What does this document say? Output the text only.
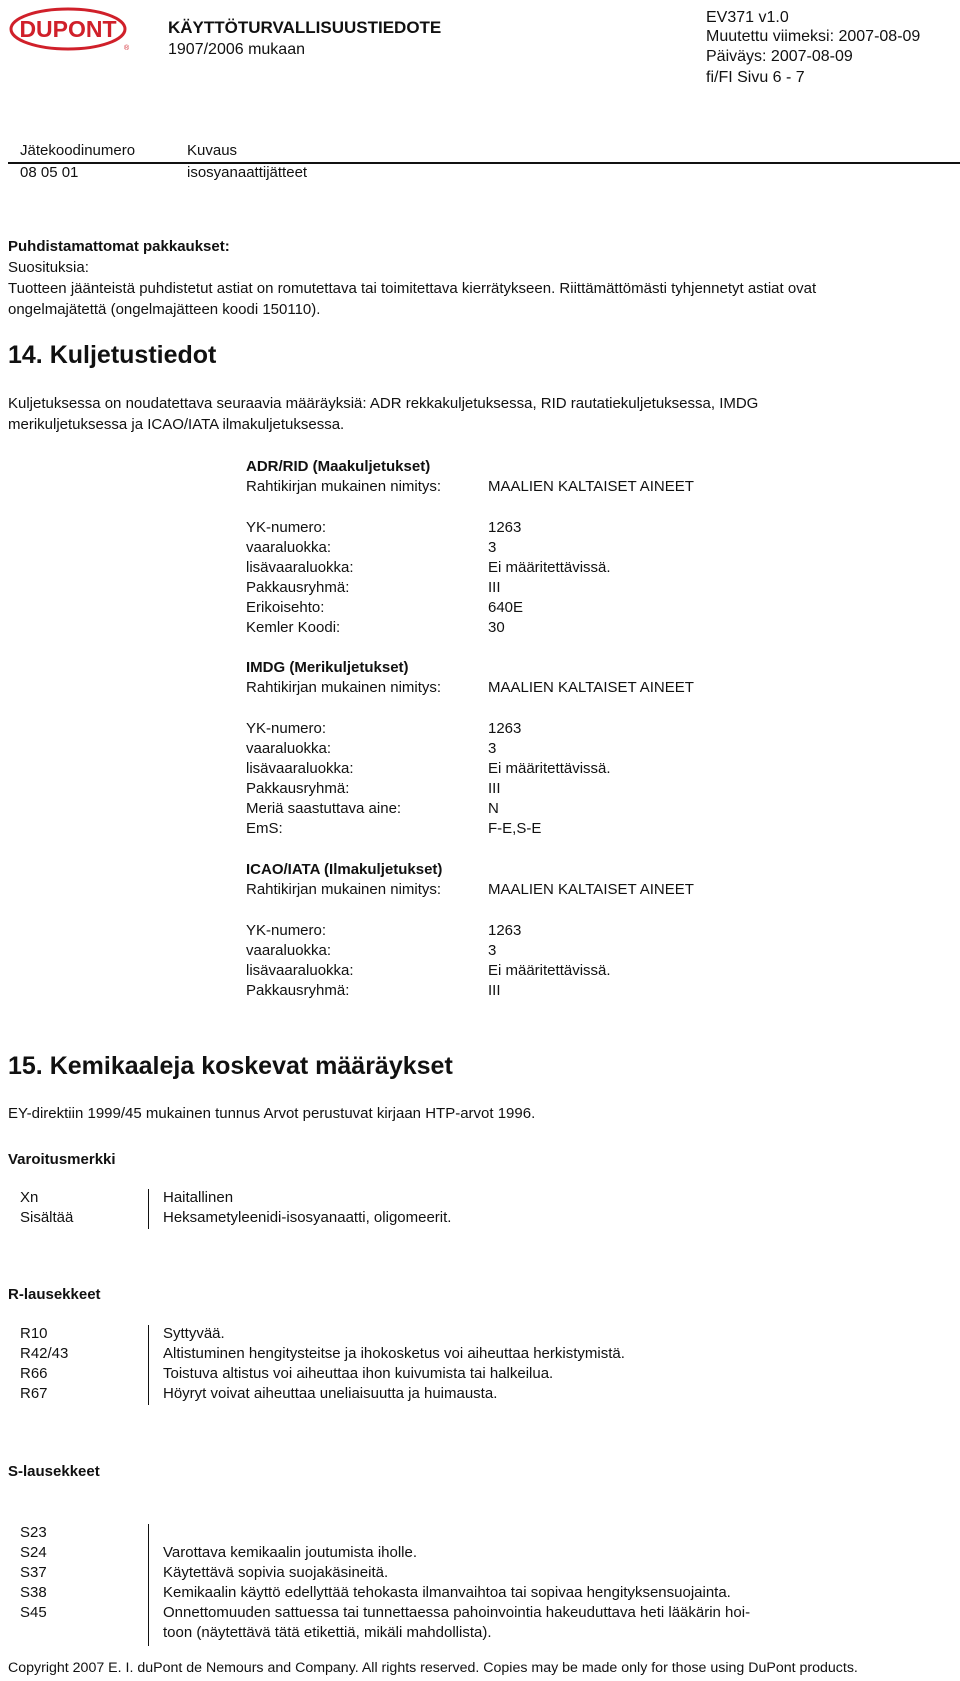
DUPONT
®
KÄYTTÖTURVALLISUUSTIEDOTE
1907/2006 mukaan
EV371 v1.0
Muutettu viimeksi: 2007-08-09
Päiväys: 2007-08-09
fi/FI Sivu 6 - 7
Jätekoodinumero	Kuvaus
08 05 01	isosyanaattijätteet
Puhdistamattomat pakkaukset:
Suosituksia:
Tuotteen jäänteistä puhdistetut astiat on romutettava tai toimitettava kierrätykseen. Riittämättömästi tyhjennetyt astiat ovat
ongelmajätettä (ongelmajätteen koodi 150110).
14. Kuljetustiedot
Kuljetuksessa on noudatettava seuraavia määräyksiä: ADR rekkakuljetuksessa, RID rautatiekuljetuksessa, IMDG
merikuljetuksessa ja ICAO/IATA ilmakuljetuksessa.
ADR/RID (Maakuljetukset)
Rahtikirjan mukainen nimitys:	MAALIEN KALTAISET AINEET
YK-numero:	1263
vaaraluokka:	3
lisävaaraluokka:	Ei määritettävissä.
Pakkausryhmä:	III
Erikoisehto:	640E
Kemler Koodi:	30
IMDG (Merikuljetukset)
Rahtikirjan mukainen nimitys:	MAALIEN KALTAISET AINEET
YK-numero:	1263
vaaraluokka:	3
lisävaaraluokka:	Ei määritettävissä.
Pakkausryhmä:	III
Meriä saastuttava aine:	N
EmS:	F-E,S-E
ICAO/IATA (Ilmakuljetukset)
Rahtikirjan mukainen nimitys:	MAALIEN KALTAISET AINEET
YK-numero:	1263
vaaraluokka:	3
lisävaaraluokka:	Ei määritettävissä.
Pakkausryhmä:	III
15. Kemikaaleja koskevat määräykset
EY-direktiin 1999/45 mukainen tunnus Arvot perustuvat kirjaan HTP-arvot 1996.
Varoitusmerkki
Xn	Haitallinen
Sisältää	Heksametyleenidi-isosyanaatti, oligomeerit.
R-lausekkeet
R10	Syttyvää.
R42/43	Altistuminen hengitysteitse ja ihokosketus voi aiheuttaa herkistymistä.
R66	Toistuva altistus voi aiheuttaa ihon kuivumista tai halkeilua.
R67	Höyryt voivat aiheuttaa uneliaisuutta ja huimausta.
S-lausekkeet
S23
S24	Varottava kemikaalin joutumista iholle.
S37	Käytettävä sopivia suojakäsineitä.
S38	Kemikaalin käyttö edellyttää tehokasta ilmanvaihtoa tai sopivaa hengityksensuojainta.
S45	Onnettomuuden sattuessa tai tunnettaessa pahoinvointia hakeuduttava heti lääkärin hoi-
toon (näytettävä tätä etikettiä, mikäli mahdollista).
Copyright 2007 E. I. duPont de Nemours and Company. All rights reserved. Copies may be made only for those using DuPont products.
